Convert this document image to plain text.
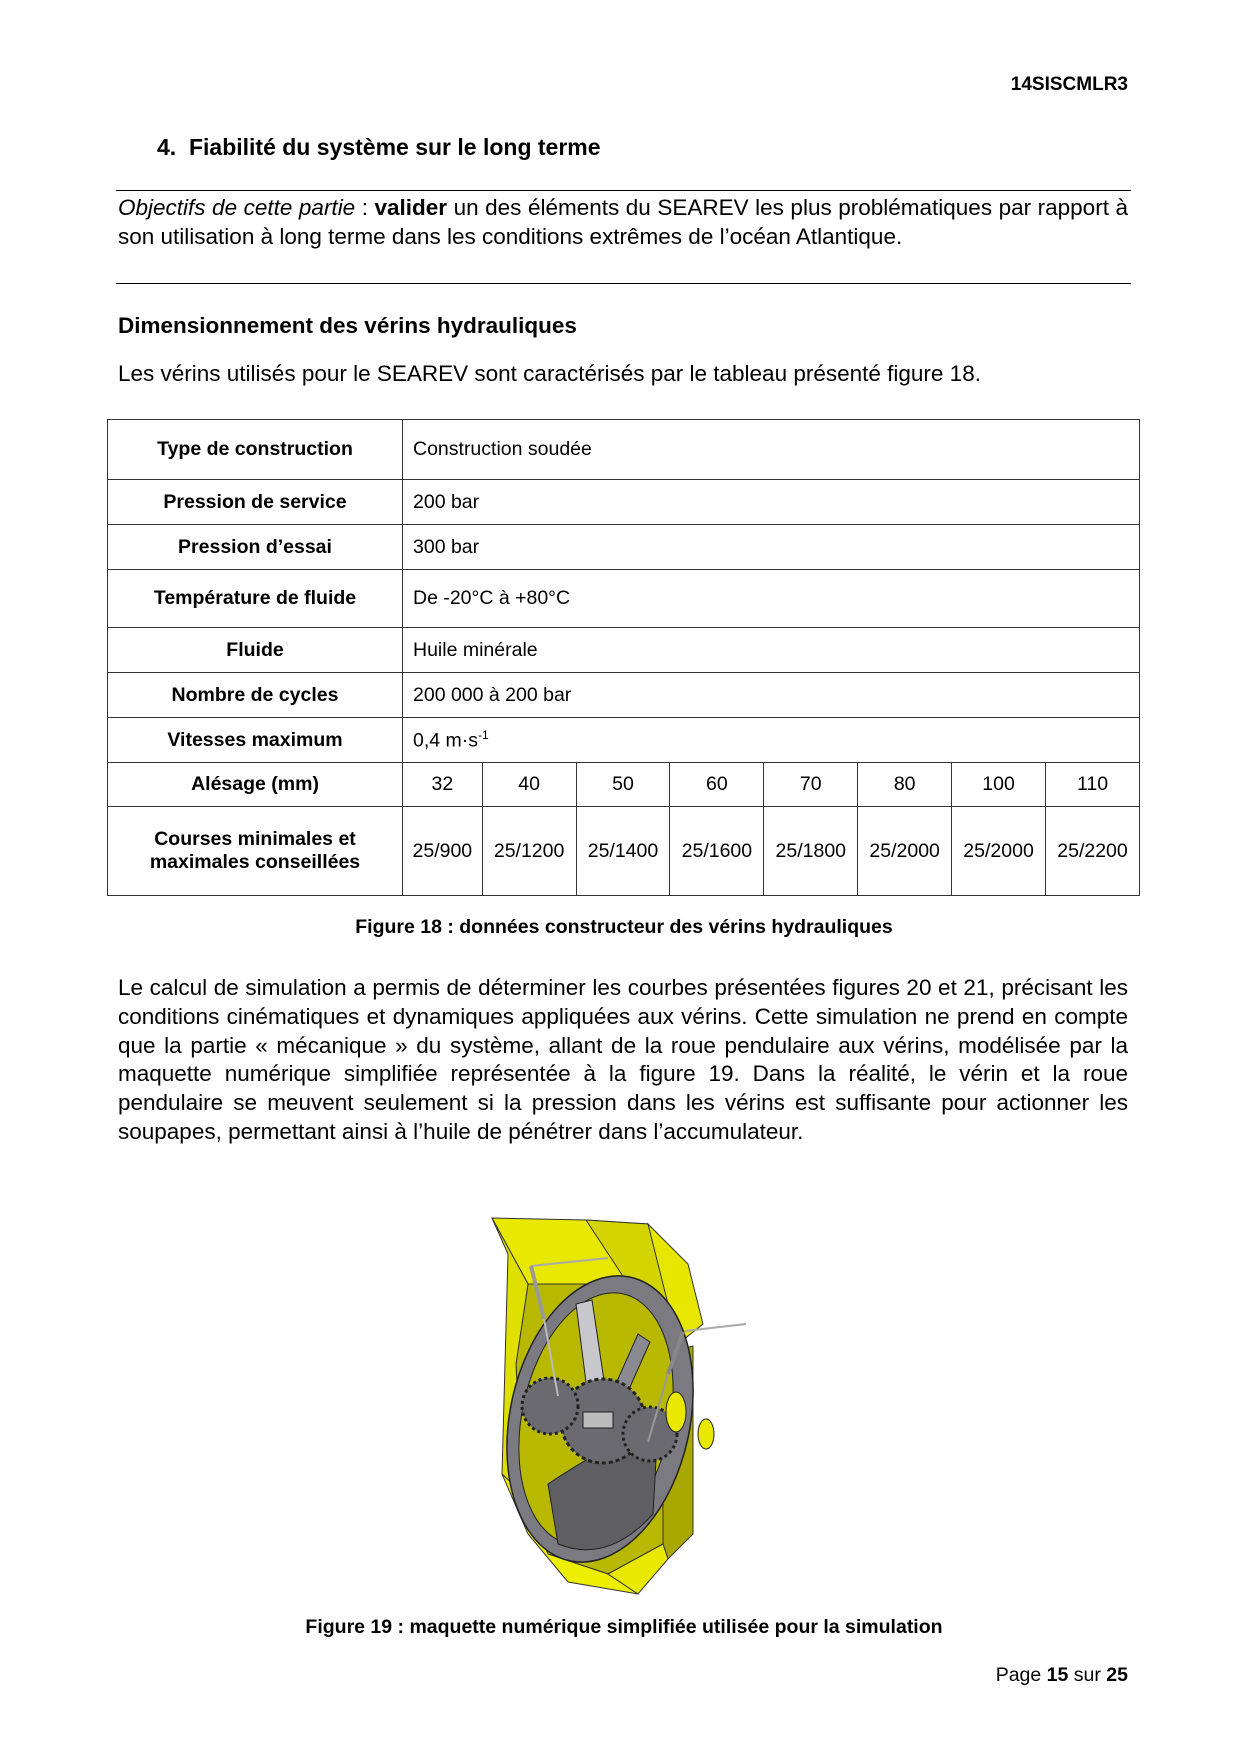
14SISCMLR3
4. Fiabilité du système sur le long terme
Objectifs de cette partie : valider un des éléments du SEAREV les plus problématiques par rapport à son utilisation à long terme dans les conditions extrêmes de l’océan Atlantique.
Dimensionnement des vérins hydrauliques
Les vérins utilisés pour le SEAREV sont caractérisés par le tableau présenté figure 18.
Type de construction	Construction soudée							
Pression de service	200 bar							
Pression d’essai	300 bar							
Température de fluide	De -20°C à +80°C							
Fluide	Huile minérale							
Nombre de cycles	200 000 à 200 bar							
Vitesses maximum	0,4 $m\cdot s^{-1}$
Alésage (mm)	32	40	50	60	70	80	100	110
Courses minimales et maximales conseillées	25/900	25/1200	25/1400	25/1600	25/1800	25/2000	25/2000	25/2200
Figure 18 : données constructeur des vérins hydrauliques
Le calcul de simulation a permis de déterminer les courbes présentées figures 20 et 21, précisant les conditions cinématiques et dynamiques appliquées aux vérins. Cette simulation ne prend en compte que la partie « mécanique » du système, allant de la roue pendulaire aux vérins, modélisée par la maquette numérique simplifiée représentée à la figure 19. Dans la réalité, le vérin et la roue pendulaire se meuvent seulement si la pression dans les vérins est suffisante pour actionner les soupapes, permettant ainsi à l’huile de pénétrer dans l’accumulateur.
Figure 19 : maquette numérique simplifiée utilisée pour la simulation
Page 15 sur 25
